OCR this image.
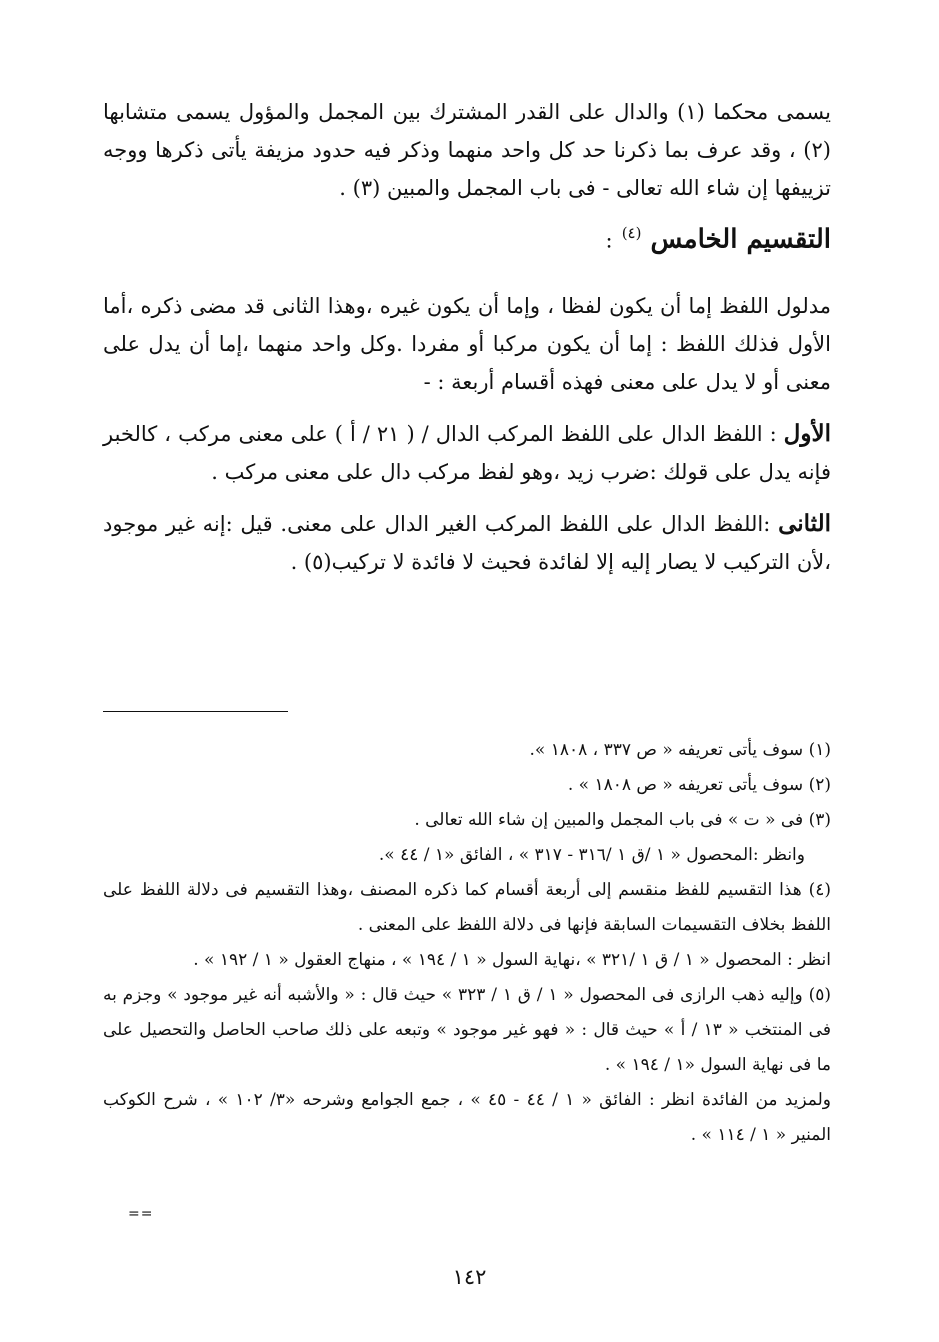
يسمى محكما (١) والدال على القدر المشترك بين المجمل والمؤول يسمى متشابها (٢) ، وقد عرف بما ذكرنا حد كل واحد منهما وذكر فيه حدود مزيفة يأتى ذكرها ووجه تزييفها إن شاء الله تعالى - فى باب المجمل والمبين (٣) .

التقسيم الخامس $^{(٤)}$ :

مدلول اللفظ إما أن يكون لفظا ، وإما أن يكون غيره ،وهذا الثانى قد مضى ذكره ،أما الأول فذلك اللفظ : إما أن يكون مركبا أو مفردا .وكل واحد منهما ،إما أن يدل على معنى أو لا يدل على معنى فهذه أقسام أربعة : -

الأول : اللفظ الدال على اللفظ المركب الدال / ( ٢١ / أ ) على معنى مركب ، كالخبر فإنه يدل على قولك :ضرب زيد ،وهو لفظ مركب دال على معنى مركب .

الثانى :اللفظ الدال على اللفظ المركب الغير الدال على معنى. قيل :إنه غير موجود ،لأن التركيب لا يصار إليه إلا لفائدة فحيث لا فائدة لا تركيب(٥) .

(١) سوف يأتى تعريفه « ص ٣٣٧ ، ١٨٠٨ ».

(٢) سوف يأتى تعريفه « ص ١٨٠٨ » .

(٣) فى « ت » فى باب المجمل والمبين إن شاء الله تعالى .

وانظر :المحصول « ١ /ق ١ /٣١٦ - ٣١٧ » ، الفائق «١ / ٤٤ ».

(٤) هذا التقسيم للفظ منقسم إلى أربعة أقسام كما ذكره المصنف ،وهذا التقسيم فى دلالة اللفظ على اللفظ بخلاف التقسيمات السابقة فإنها فى دلالة اللفظ على المعنى .

انظر : المحصول « ١ / ق ١ /٣٢١ » ،نهاية السول « ١ / ١٩٤ » ، منهاج العقول « ١ / ١٩٢ » .

(٥) وإليه ذهب الرازى فى المحصول « ١ / ق ١ / ٣٢٣ » حيث قال : « والأشبه أنه غير موجود » وجزم به فى المنتخب « ١٣ / أ » حيث قال : « فهو غير موجود » وتبعه على ذلك صاحب الحاصل والتحصيل على ما فى نهاية السول «١ / ١٩٤ » .

ولمزيد من الفائدة انظر : الفائق « ١ / ٤٤ - ٤٥ » ، جمع الجوامع وشرحه «٣/ ١٠٢ » ، شرح الكوكب المنير « ١ / ١١٤ » .

==
١٤٢
